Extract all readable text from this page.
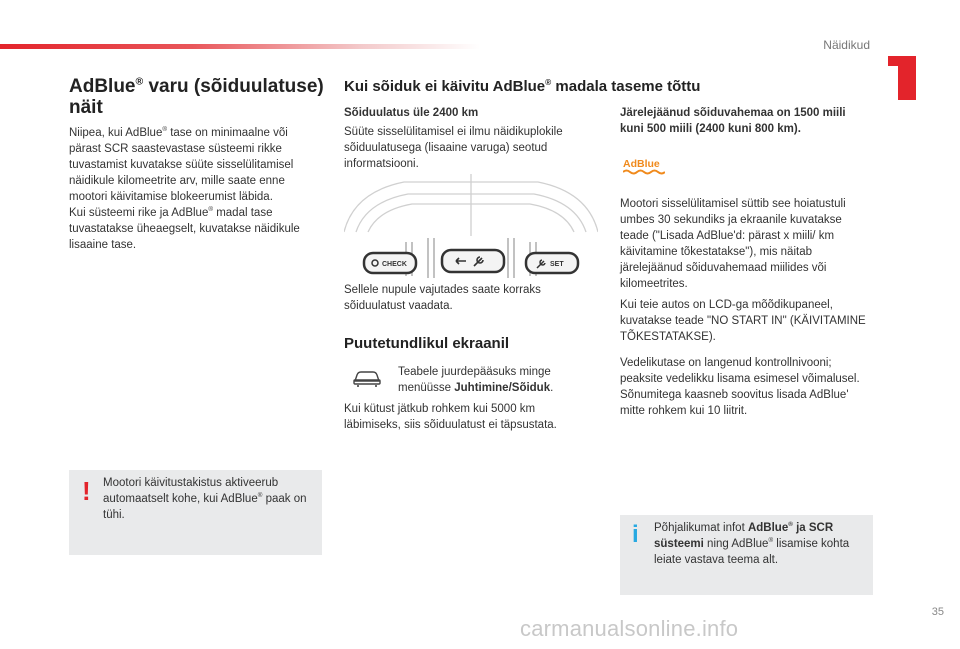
Näidikud
AdBlue® varu (sõiduulatuse) näit
Niipea, kui AdBlue® tase on minimaalne või pärast SCR saastevastase süsteemi rikke tuvastamist kuvatakse süüte sisselülitamisel näidikule kilomeetrite arv, mille saate enne mootori käivitamise blokeerumist läbida.
Kui süsteemi rike ja AdBlue® madal tase tuvastatakse üheaegselt, kuvatakse näidikule lisaaine tase.
! Mootori käivitustakistus aktiveerub automaatselt kohe, kui AdBlue® paak on tühi.
Kui sõiduk ei käivitu AdBlue® madala taseme tõttu
Sõiduulatus üle 2400 km
Süüte sisselülitamisel ei ilmu näidikuplokile sõiduulatusega (lisaaine varuga) seotud informatsiooni.
CHECK	SET
Sellele nupule vajutades saate korraks sõiduulatust vaadata.
Puutetundlikul ekraanil
Teabele juurdepääsuks minge menüüsse Juhtimine/Sõiduk.
Kui kütust jätkub rohkem kui 5000 km läbimiseks, siis sõiduulatust ei täpsustata.
Järelejäänud sõiduvahemaa on 1500 miili kuni 500 miili (2400 kuni 800 km).
AdBlue
Mootori sisselülitamisel süttib see hoiatustuli umbes 30 sekundiks ja ekraanile kuvatakse teade ("Lisada AdBlue'd: pärast x miili/ km käivitamine tõkestatakse"), mis näitab järelejäänud sõiduvahemaad miilides või kilomeetrites.
Kui teie autos on LCD-ga mõõdikupaneel, kuvatakse teade "NO START IN" (KÄIVITAMINE TÕKESTATAKSE).
Vedelikutase on langenud kontrollnivooni; peaksite vedelikku lisama esimesel võimalusel. Sõnumitega kaasneb soovitus lisada AdBlue' mitte rohkem kui 10 liitrit.
i Põhjalikumat infot AdBlue® ja SCR süsteemi ning AdBlue® lisamise kohta leiate vastava teema alt.
35
carmanualsonline.info
